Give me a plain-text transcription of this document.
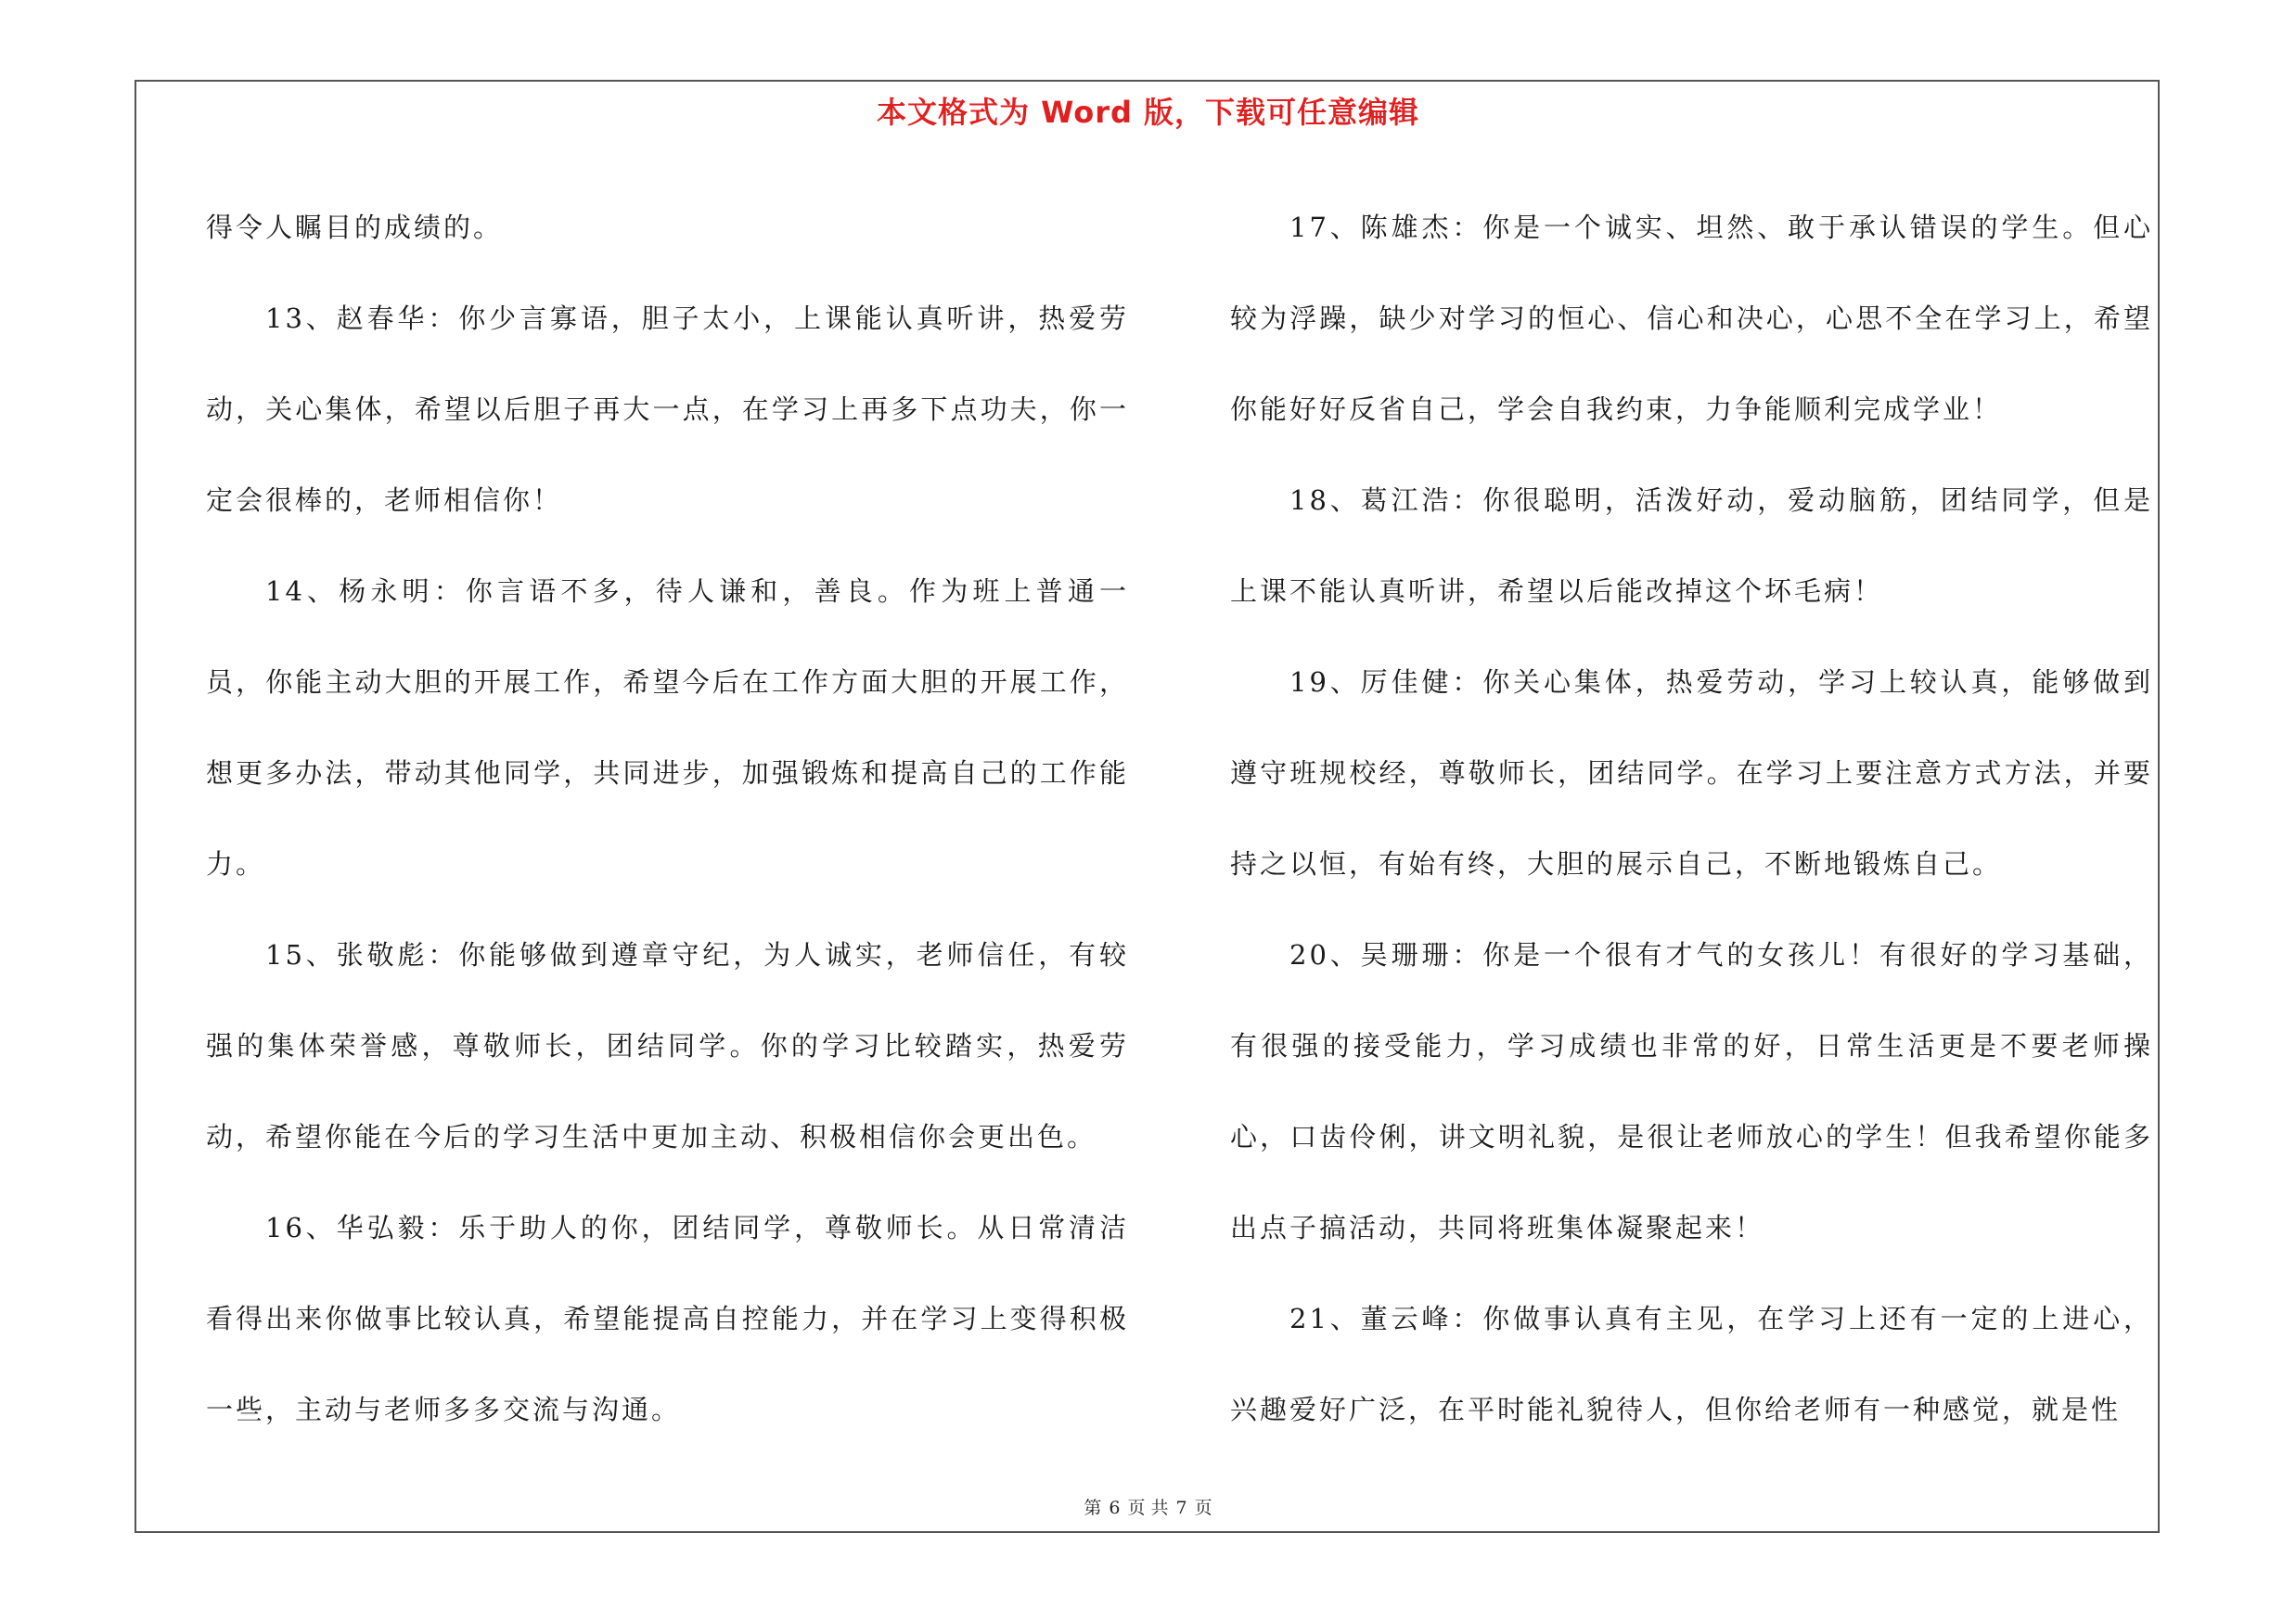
本文格式为 Word 版，下载可任意编辑

得令人瞩目的成绩的。

13、赵春华：你少言寡语，胆子太小，上课能认真听讲，热爱劳动，关心集体，希望以后胆子再大一点，在学习上再多下点功夫，你一定会很棒的，老师相信你！

14、杨永明：你言语不多，待人谦和，善良。作为班上普通一员，你能主动大胆的开展工作，希望今后在工作方面大胆的开展工作，想更多办法，带动其他同学，共同进步，加强锻炼和提高自己的工作能力。

15、张敬彪：你能够做到遵章守纪，为人诚实，老师信任，有较强的集体荣誉感，尊敬师长，团结同学。你的学习比较踏实，热爱劳动，希望你能在今后的学习生活中更加主动、积极相信你会更出色。

16、华弘毅：乐于助人的你，团结同学，尊敬师长。从日常清洁看得出来你做事比较认真，希望能提高自控能力，并在学习上变得积极一些，主动与老师多多交流与沟通。

17、陈雄杰：你是一个诚实、坦然、敢于承认错误的学生。但心较为浮躁，缺少对学习的恒心、信心和决心，心思不全在学习上，希望你能好好反省自己，学会自我约束，力争能顺利完成学业！

18、葛江浩：你很聪明，活泼好动，爱动脑筋，团结同学，但是上课不能认真听讲，希望以后能改掉这个坏毛病！

19、厉佳健：你关心集体，热爱劳动，学习上较认真，能够做到遵守班规校经，尊敬师长，团结同学。在学习上要注意方式方法，并要持之以恒，有始有终，大胆的展示自己，不断地锻炼自己。

20、吴珊珊：你是一个很有才气的女孩儿！有很好的学习基础，有很强的接受能力，学习成绩也非常的好，日常生活更是不要老师操心，口齿伶俐，讲文明礼貌，是很让老师放心的学生！但我希望你能多出点子搞活动，共同将班集体凝聚起来！

21、董云峰：你做事认真有主见，在学习上还有一定的上进心，兴趣爱好广泛，在平时能礼貌待人，但你给老师有一种感觉，就是性

第 6 页 共 7 页
